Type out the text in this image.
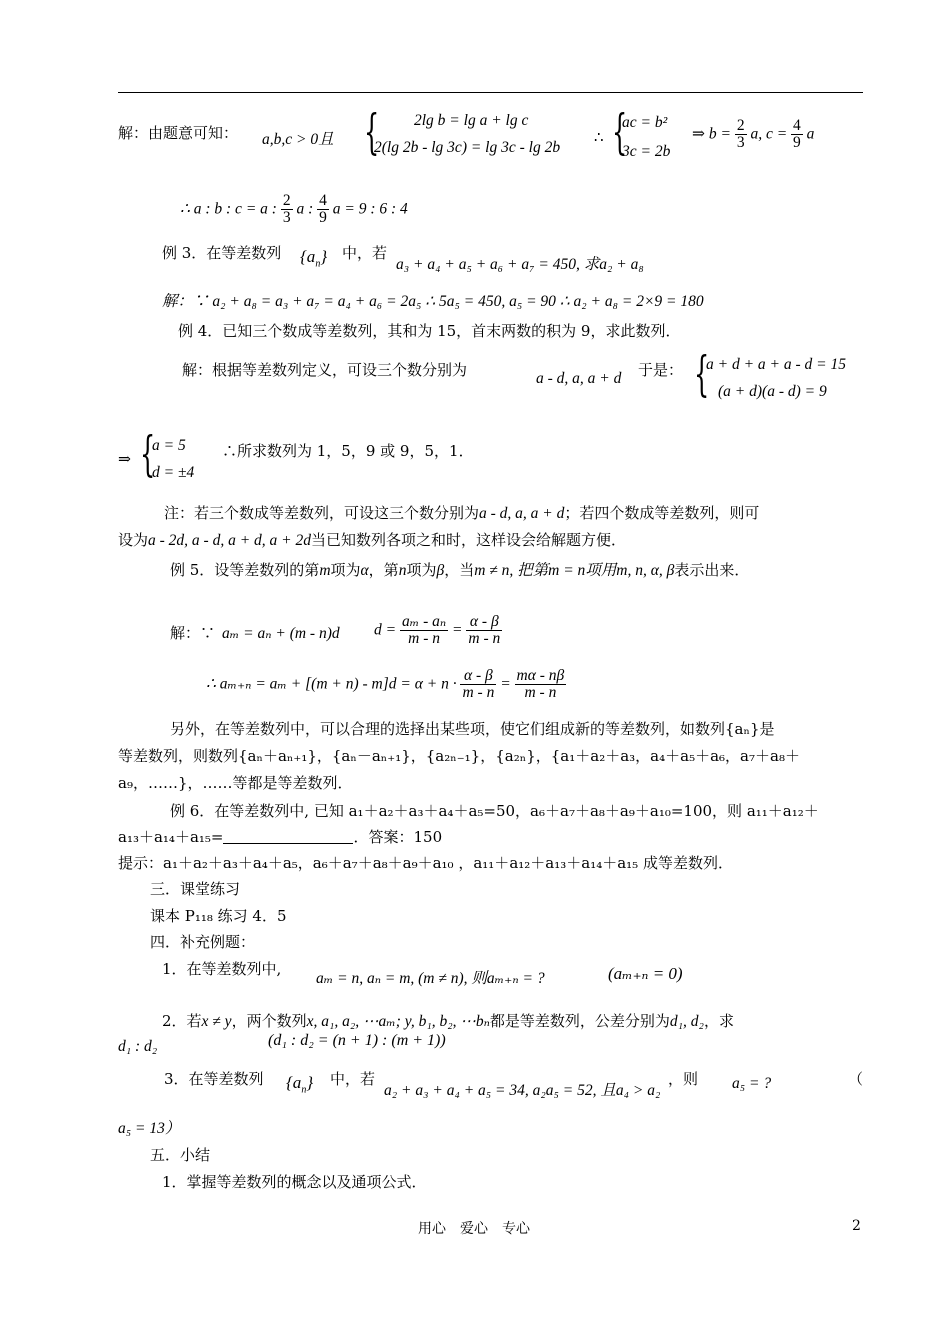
解：由题意可知： a,b,c > 0且 { 2lg b = lg a + lg c
2(lg 2b - lg 3c) = lg 3c - lg 2b
∴ {
ac = b²
3c = 2b
⇒ $b = \frac{2}{3} a$, $c = \frac{4}{9}$ a
∴ a : b : c = a : $\frac{2}{3}$ a : $\frac{4}{9}$ a = 9 : 6 : 4
例 3．在等差数列 $\{a_n\}$ 中，若
a₃ + a₄ + a₅ + a₆ + a₇ = 450, 求a₂ + a₈
解：∵ a₂ + a₈ = a₃ + a₇ = a₄ + a₆ = 2a₅ ∴ 5a₅ = 450, a₅ = 90 ∴ a₂ + a₈ = 2×9 = 180
例 4．已知三个数成等差数列，其和为 15，首末两数的积为 9，求此数列．
解：根据等差数列定义，可设三个数分别为	a - d, a, a + d 于是： {
a + d + a + a - d = 15
(a + d)(a - d) = 9
⇒ {
a = 5
d = ±4
∴所求数列为 1，5，9 或 9，5，1．
注：若三个数成等差数列，可设这三个数分别为a - d, a, a + d；若四个数成等差数列，则可
设为a - 2d, a - d, a + d, a + 2d当已知数列各项之和时，这样设会给解题方便．
例 5．设等差数列的第m项为α，第n项为β，当m ≠ n, 把第m = n项用m, n, α, β表示出来．
解：∵ aₘ = aₙ + (m - n)d $d = \frac{\text{aₘ - aₙ}}{m - n} = \frac{\alpha - \beta}{m - n}$
∴ $a_{m+n} = a_m + [(m + n) - m]d = \alpha + n \cdot \frac{\alpha - \beta}{m - n} = \frac{m\alpha - n\beta}{m - n}$
另外，在等差数列中，可以合理的选择出某些项，使它们组成新的等差数列，如数列{aₙ}是
等差数列，则数列{aₙ＋aₙ₊₁}，{aₙ－aₙ₊₁}，{a₂ₙ₋₁}，{a₂ₙ}，{a₁＋a₂＋a₃，a₄＋a₅＋a₆，a₇＋a₈＋
a₉，……}，……等都是等差数列．
例 6．在等差数列中, 已知 a₁＋a₂＋a₃＋a₄＋a₅=50，a₆＋a₇＋a₈＋a₉＋a₁₀=100，则 a₁₁＋a₁₂＋
a₁₃＋a₁₄＋a₁₅=	．答案：150
提示：a₁＋a₂＋a₃＋a₄＋a₅，a₆＋a₇＋a₈＋a₉＋a₁₀ ，a₁₁＋a₁₂＋a₁₃＋a₁₄＋a₁₅ 成等差数列．
三．课堂练习
课本 P₁₁₈ 练习 4．5
四．补充例题：
1．在等差数列中,
aₘ = n, aₙ = m, (m ≠ n), 则aₘ₊ₙ = ?	(aₘ₊ₙ = 0)
2．若x ≠ y，两个数列x, a₁, a₂, ⋯aₘ; y, b₁, b₂, ⋯bₙ都是等差数列，公差分别为d₁, d₂，求
d₁ : d₂	(d₁ : d₂ = (n + 1) : (m + 1))
3．在等差数列 $\{a_n\}$ 中，若
a₂ + a₃ + a₄ + a₅ = 34, a₂a₅ = 52, 且a₄ > a₂
，则 a₅ = ?	（
a₅ = 13）
五．小结
1．掌握等差数列的概念以及通项公式．
用心　爱心　专心	2
